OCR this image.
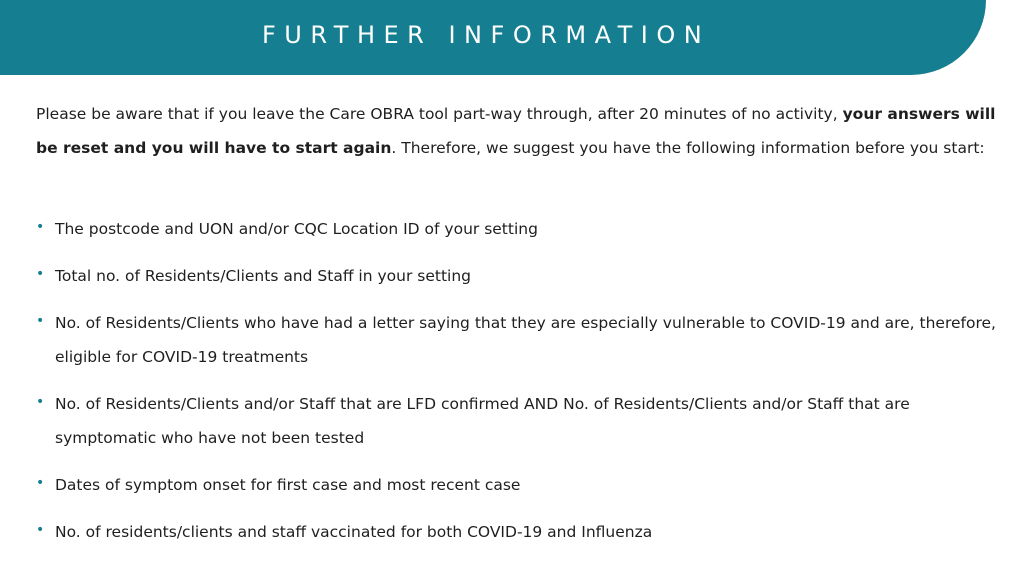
FURTHER INFORMATION

Please be aware that if you leave the Care OBRA tool part-way through, after 20 minutes of no activity, your answers will be reset and you will have to start again. Therefore, we suggest you have the following information before you start:

• The postcode and UON and/or CQC Location ID of your setting
• Total no. of Residents/Clients and Staff in your setting
• No. of Residents/Clients who have had a letter saying that they are especially vulnerable to COVID-19 and are, therefore, eligible for COVID-19 treatments
• No. of Residents/Clients and/or Staff that are LFD confirmed AND No. of Residents/Clients and/or Staff that are symptomatic who have not been tested
• Dates of symptom onset for first case and most recent case
• No. of residents/clients and staff vaccinated for both COVID-19 and Influenza
